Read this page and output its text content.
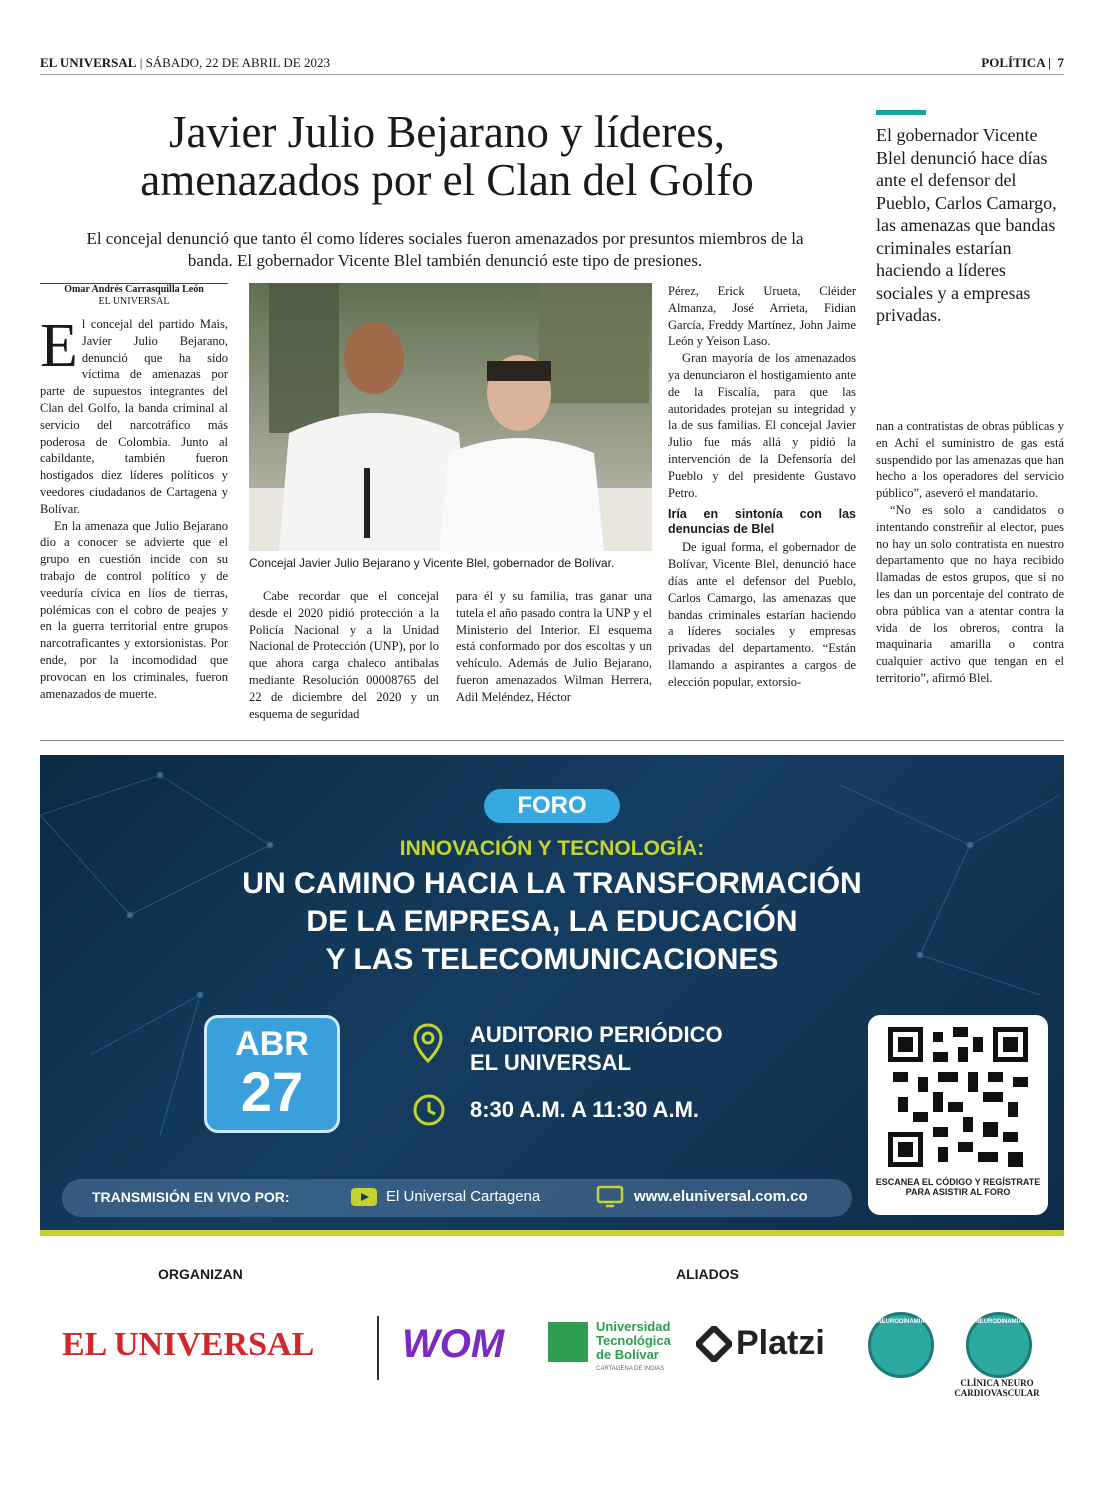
EL UNIVERSAL | SÁBADO, 22 DE ABRIL DE 2023	POLÍTICA |  7
Javier Julio Bejarano y líderes,
amenazados por el Clan del Golfo
El concejal denunció que tanto él como líderes sociales fueron amenazados por presuntos miembros de la banda. El gobernador Vicente Blel también denunció este tipo de presiones.
El gobernador Vicente Blel denunció hace días ante el defensor del Pueblo, Carlos Camargo, las amenazas que bandas criminales estarían haciendo a líderes sociales y a empresas privadas.
Omar Andrés Carrasquilla León
EL UNIVERSAL

El concejal del partido Mais, Javier Julio Bejarano, denunció que ha sido víctima de amenazas por parte de supuestos integrantes del Clan del Golfo, la banda criminal al servicio del narcotráfico más poderosa de Colombia. Junto al cabildante, también fueron hostigados diez líderes políticos y veedores ciudadanos de Cartagena y Bolívar.

En la amenaza que Julio Bejarano dio a conocer se advierte que el grupo en cuestión incide con su trabajo de control político y de veeduría cívica en líos de tierras, polémicas con el cobro de peajes y en la guerra territorial entre grupos narcotraficantes y extorsionistas. Por ende, por la incomodidad que provocan en los criminales, fueron amenazados de muerte.

Concejal Javier Julio Bejarano y Vicente Blel, gobernador de Bolívar.

Cabe recordar que el concejal desde el 2020 pidió protección a la Policía Nacional y a la Unidad Nacional de Protección (UNP), por lo que ahora carga chaleco antibalas mediante Resolución 00008765 del 22 de diciembre del 2020 y un esquema de seguridad

para él y su familia, tras ganar una tutela el año pasado contra la UNP y el Ministerio del Interior. El esquema está conformado por dos escoltas y un vehículo. Además de Julio Bejarano, fueron amenazados Wilman Herrera, Adil Meléndez, Héctor

Pérez, Erick Urueta, Cléider Almanza, José Arrieta, Fidian García, Freddy Martínez, John Jaime León y Yeison Laso.

Gran mayoría de los amenazados ya denunciaron el hostigamiento ante de la Fiscalía, para que las autoridades protejan su integridad y la de sus familias. El concejal Javier Julio fue más allá y pidió la intervención de la Defensoría del Pueblo y del presidente Gustavo Petro.

Iría en sintonía con las denuncias de Blel

De igual forma, el gobernador de Bolívar, Vicente Blel, denunció hace días ante el defensor del Pueblo, Carlos Camargo, las amenazas que bandas criminales estarían haciendo a líderes sociales y empresas privadas del departamento. “Están llamando a aspirantes a cargos de elección popular, extorsio-

nan a contratistas de obras públicas y en Achí el suministro de gas está suspendido por las amenazas que han hecho a los operadores del servicio público”, aseveró el mandatario.

“No es solo a candidatos o intentando constreñir al elector, pues no hay un solo contratista en nuestro departamento que no haya recibido llamadas de estos grupos, que si no les dan un porcentaje del contrato de obra pública van a atentar contra la vida de los obreros, contra la maquinaria amarilla o contra cualquier activo que tengan en el territorio”, afirmó Blel.

FORO
INNOVACIÓN Y TECNOLOGÍA:
UN CAMINO HACIA LA TRANSFORMACIÓN
DE LA EMPRESA, LA EDUCACIÓN
Y LAS TELECOMUNICACIONES
ABR
27
AUDITORIO PERIÓDICO
EL UNIVERSAL
8:30 A.M. A 11:30 A.M.
TRANSMISIÓN EN VIVO POR:	El Universal Cartagena	www.eluniversal.com.co
ESCANEA EL CÓDIGO Y REGÍSTRATE PARA ASISTIR AL FORO
ORGANIZAN	ALIADOS
EL UNIVERSAL WOM	Universidad
Tecnológica
de Bolívar
CARTAGENA DE INDIAS
Platzi
NEURODINAMIA	NEURODINAMIA
CLÍNICA NEURO
CARDIOVASCULAR
